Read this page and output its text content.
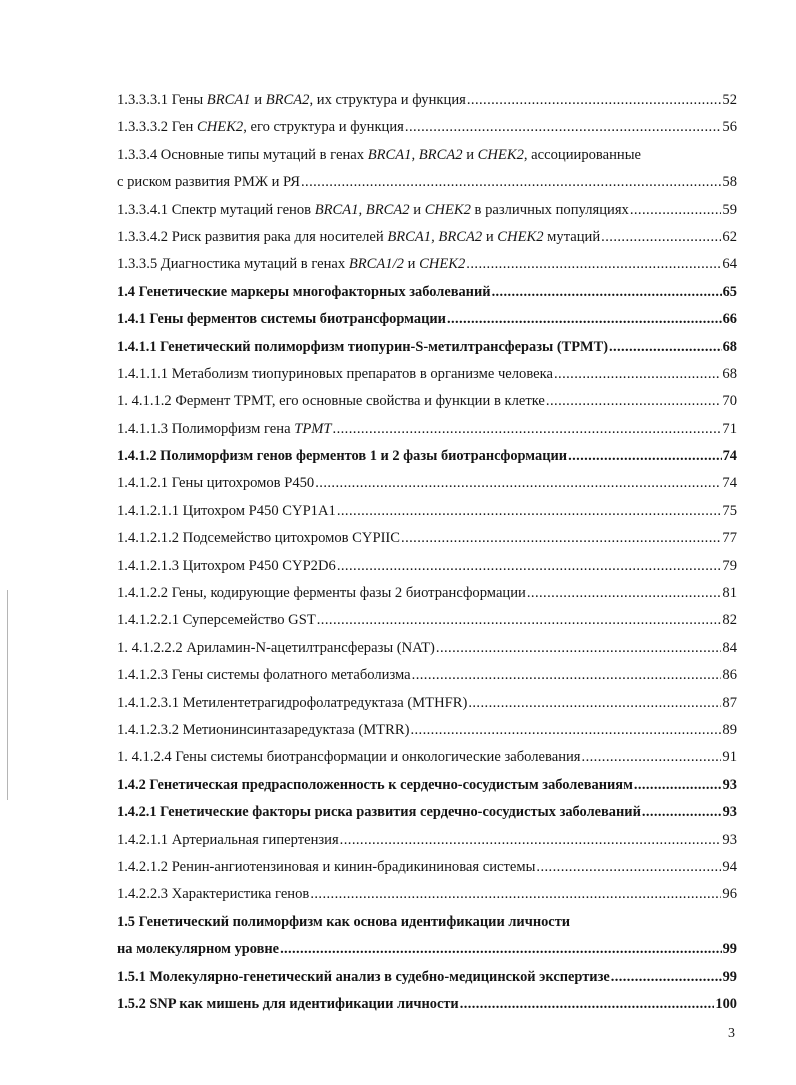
1.3.3.3.1 Гены BRCA1 и BRCA2, их структура и функция .....	52
1.3.3.3.2 Ген CHEK2, его структура и функция .....	56
1.3.3.4 Основные типы мутаций в генах BRCA1, BRCA2 и CHEK2, ассоциированные
с риском развития РМЖ и РЯ .....	58
1.3.3.4.1 Спектр мутаций генов BRCA1, BRCA2 и CHEK2 в различных популяциях .....	59
1.3.3.4.2 Риск развития рака для носителей BRCA1, BRCA2 и CHEK2 мутаций .....	62
1.3.3.5 Диагностика мутаций в генах BRCA1/2 и CHEK2 .....	64
1.4 Генетические маркеры многофакторных заболеваний .....	65
1.4.1 Гены ферментов системы биотрансформации .....	66
1.4.1.1 Генетический полиморфизм тиопурин-S-метилтрансферазы (TPMT) .....	68
1.4.1.1.1 Метаболизм тиопуриновых препаратов в организме человека .....	68
1. 4.1.1.2 Фермент TPMT, его основные свойства и функции в клетке .....	70
1.4.1.1.3 Полиморфизм гена TPMT .....	71
1.4.1.2 Полиморфизм генов ферментов 1 и 2 фазы биотрансформации .....	74
1.4.1.2.1 Гены цитохромов Р450 .....	74
1.4.1.2.1.1 Цитохром Р450 CYP1A1 .....	75
1.4.1.2.1.2 Подсемейство цитохромов CYPIIC .....	77
1.4.1.2.1.3 Цитохром Р450 CYP2D6 .....	79
1.4.1.2.2 Гены, кодирующие ферменты фазы 2 биотрансформации .....	81
1.4.1.2.2.1 Суперсемейство GST .....	82
1. 4.1.2.2.2 Ариламин-N-ацетилтрансферазы (NAT) .....	84
1.4.1.2.3 Гены системы фолатного метаболизма .....	86
1.4.1.2.3.1 Метилентетрагидрофолатредуктаза (MTHFR) .....	87
1.4.1.2.3.2 Метионинсинтазаредуктаза (MTRR) .....	89
1. 4.1.2.4 Гены системы биотрансформации и онкологические заболевания .....	91
1.4.2 Генетическая предрасположенность к сердечно-сосудистым заболеваниям .....	93
1.4.2.1 Генетические факторы риска развития сердечно-сосудистых заболеваний .....	93
1.4.2.1.1 Артериальная гипертензия .....	93
1.4.2.1.2 Ренин-ангиотензиновая и кинин-брадикининовая системы .....	94
1.4.2.2.3 Характеристика генов .....	96
1.5 Генетический полиморфизм как основа идентификации личности
на молекулярном уровне .....	99
1.5.1 Молекулярно-генетический анализ в судебно-медицинской экспертизе .....	99
1.5.2 SNP как мишень для идентификации личности .....	100
3
